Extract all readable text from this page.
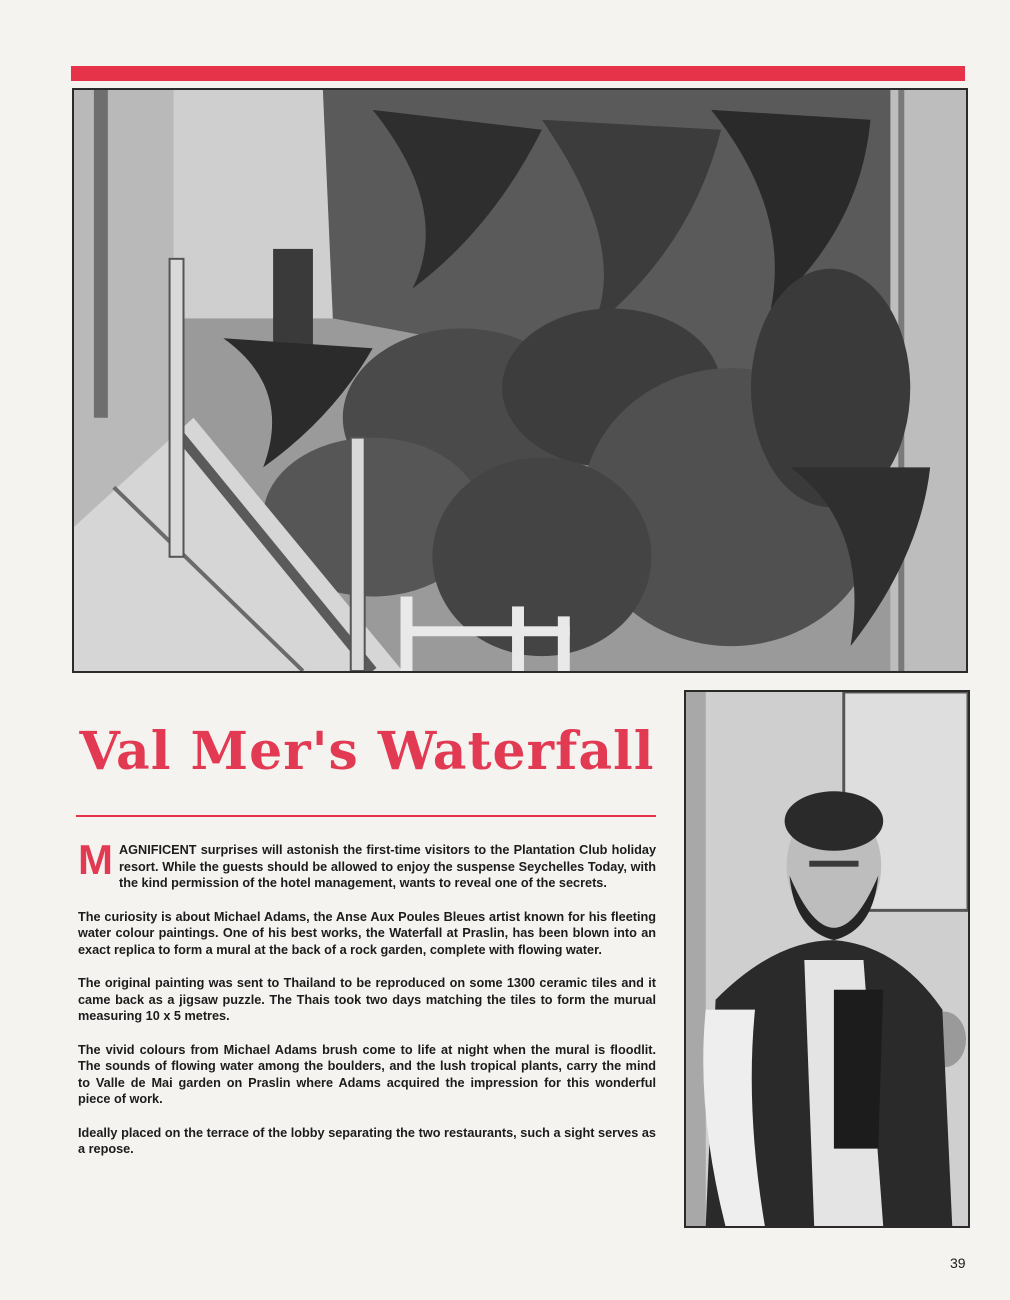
Val Mer's Waterfall

MAGNIFICENT surprises will astonish the first-time visitors to the Plantation Club holiday resort. While the guests should be allowed to enjoy the suspense Seychelles Today, with the kind permission of the hotel management, wants to reveal one of the secrets.

The curiosity is about Michael Adams, the Anse Aux Poules Bleues artist known for his fleeting water colour paintings. One of his best works, the Waterfall at Praslin, has been blown into an exact replica to form a mural at the back of a rock garden, complete with flowing water.

The original painting was sent to Thailand to be reproduced on some 1300 ceramic tiles and it came back as a jigsaw puzzle. The Thais took two days matching the tiles to form the murual measuring 10 x 5 metres.

The vivid colours from Michael Adams brush come to life at night when the mural is floodlit. The sounds of flowing water among the boulders, and the lush tropical plants, carry the mind to Valle de Mai garden on Praslin where Adams acquired the impression for this wonderful piece of work.

Ideally placed on the terrace of the lobby separating the two restaurants, such a sight serves as a repose.

39
